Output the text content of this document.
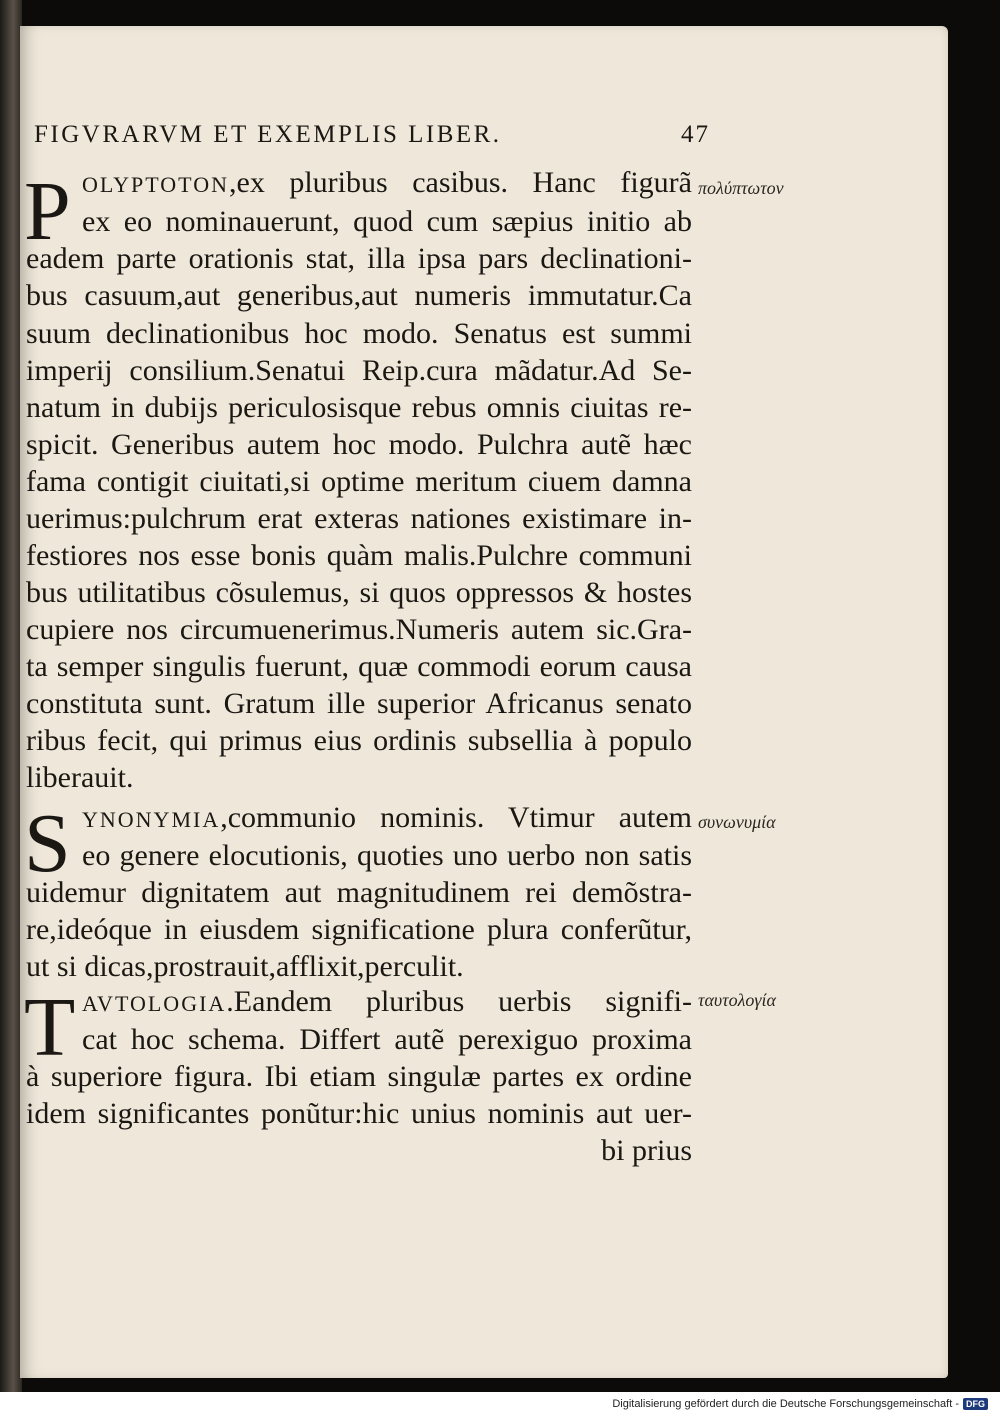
FIGVRARVM ET EXEMPLIS LIBER.	47
P	πολύπτωτον
OLYPTOTON,ex pluribus casibus. Hanc figurã
ex eo nominauerunt, quod cum sæpius initio ab
eadem parte orationis stat, illa ipsa pars declinationi-
bus casuum,aut generibus,aut numeris immutatur.Ca
suum declinationibus hoc modo. Senatus est summi
imperij consilium.Senatui Reip.cura mãdatur.Ad Se-
natum in dubijs periculosisque rebus omnis ciuitas re-
spicit. Generibus autem hoc modo. Pulchra autẽ hæc
fama contigit ciuitati,si optime meritum ciuem damna
uerimus:pulchrum erat exteras nationes existimare in-
festiores nos esse bonis quàm malis.Pulchre communi
bus utilitatibus cõsulemus, si quos oppressos & hostes
cupiere nos circumuenerimus.Numeris autem sic.Gra-
ta semper singulis fuerunt, quæ commodi eorum causa
constituta sunt. Gratum ille superior Africanus senato
ribus fecit, qui primus eius ordinis subsellia à populo
liberauit.
S	συνωνυμία
YNONYMIA,communio nominis. Vtimur autem
eo genere elocutionis, quoties uno uerbo non satis
uidemur dignitatem aut magnitudinem rei demõstra-
re,ideóque in eiusdem significatione plura conferũtur,
ut si dicas,prostrauit,afflixit,perculit.
T	ταυτολογία
AVTOLOGIA.Eandem pluribus uerbis signifi-
cat hoc schema. Differt autẽ perexiguo proxima
à superiore figura. Ibi etiam singulæ partes ex ordine
idem significantes ponũtur:hic unius nominis aut uer-
bi prius
Digitalisierung gefördert durch die Deutsche Forschungsgemeinschaft - DFG
